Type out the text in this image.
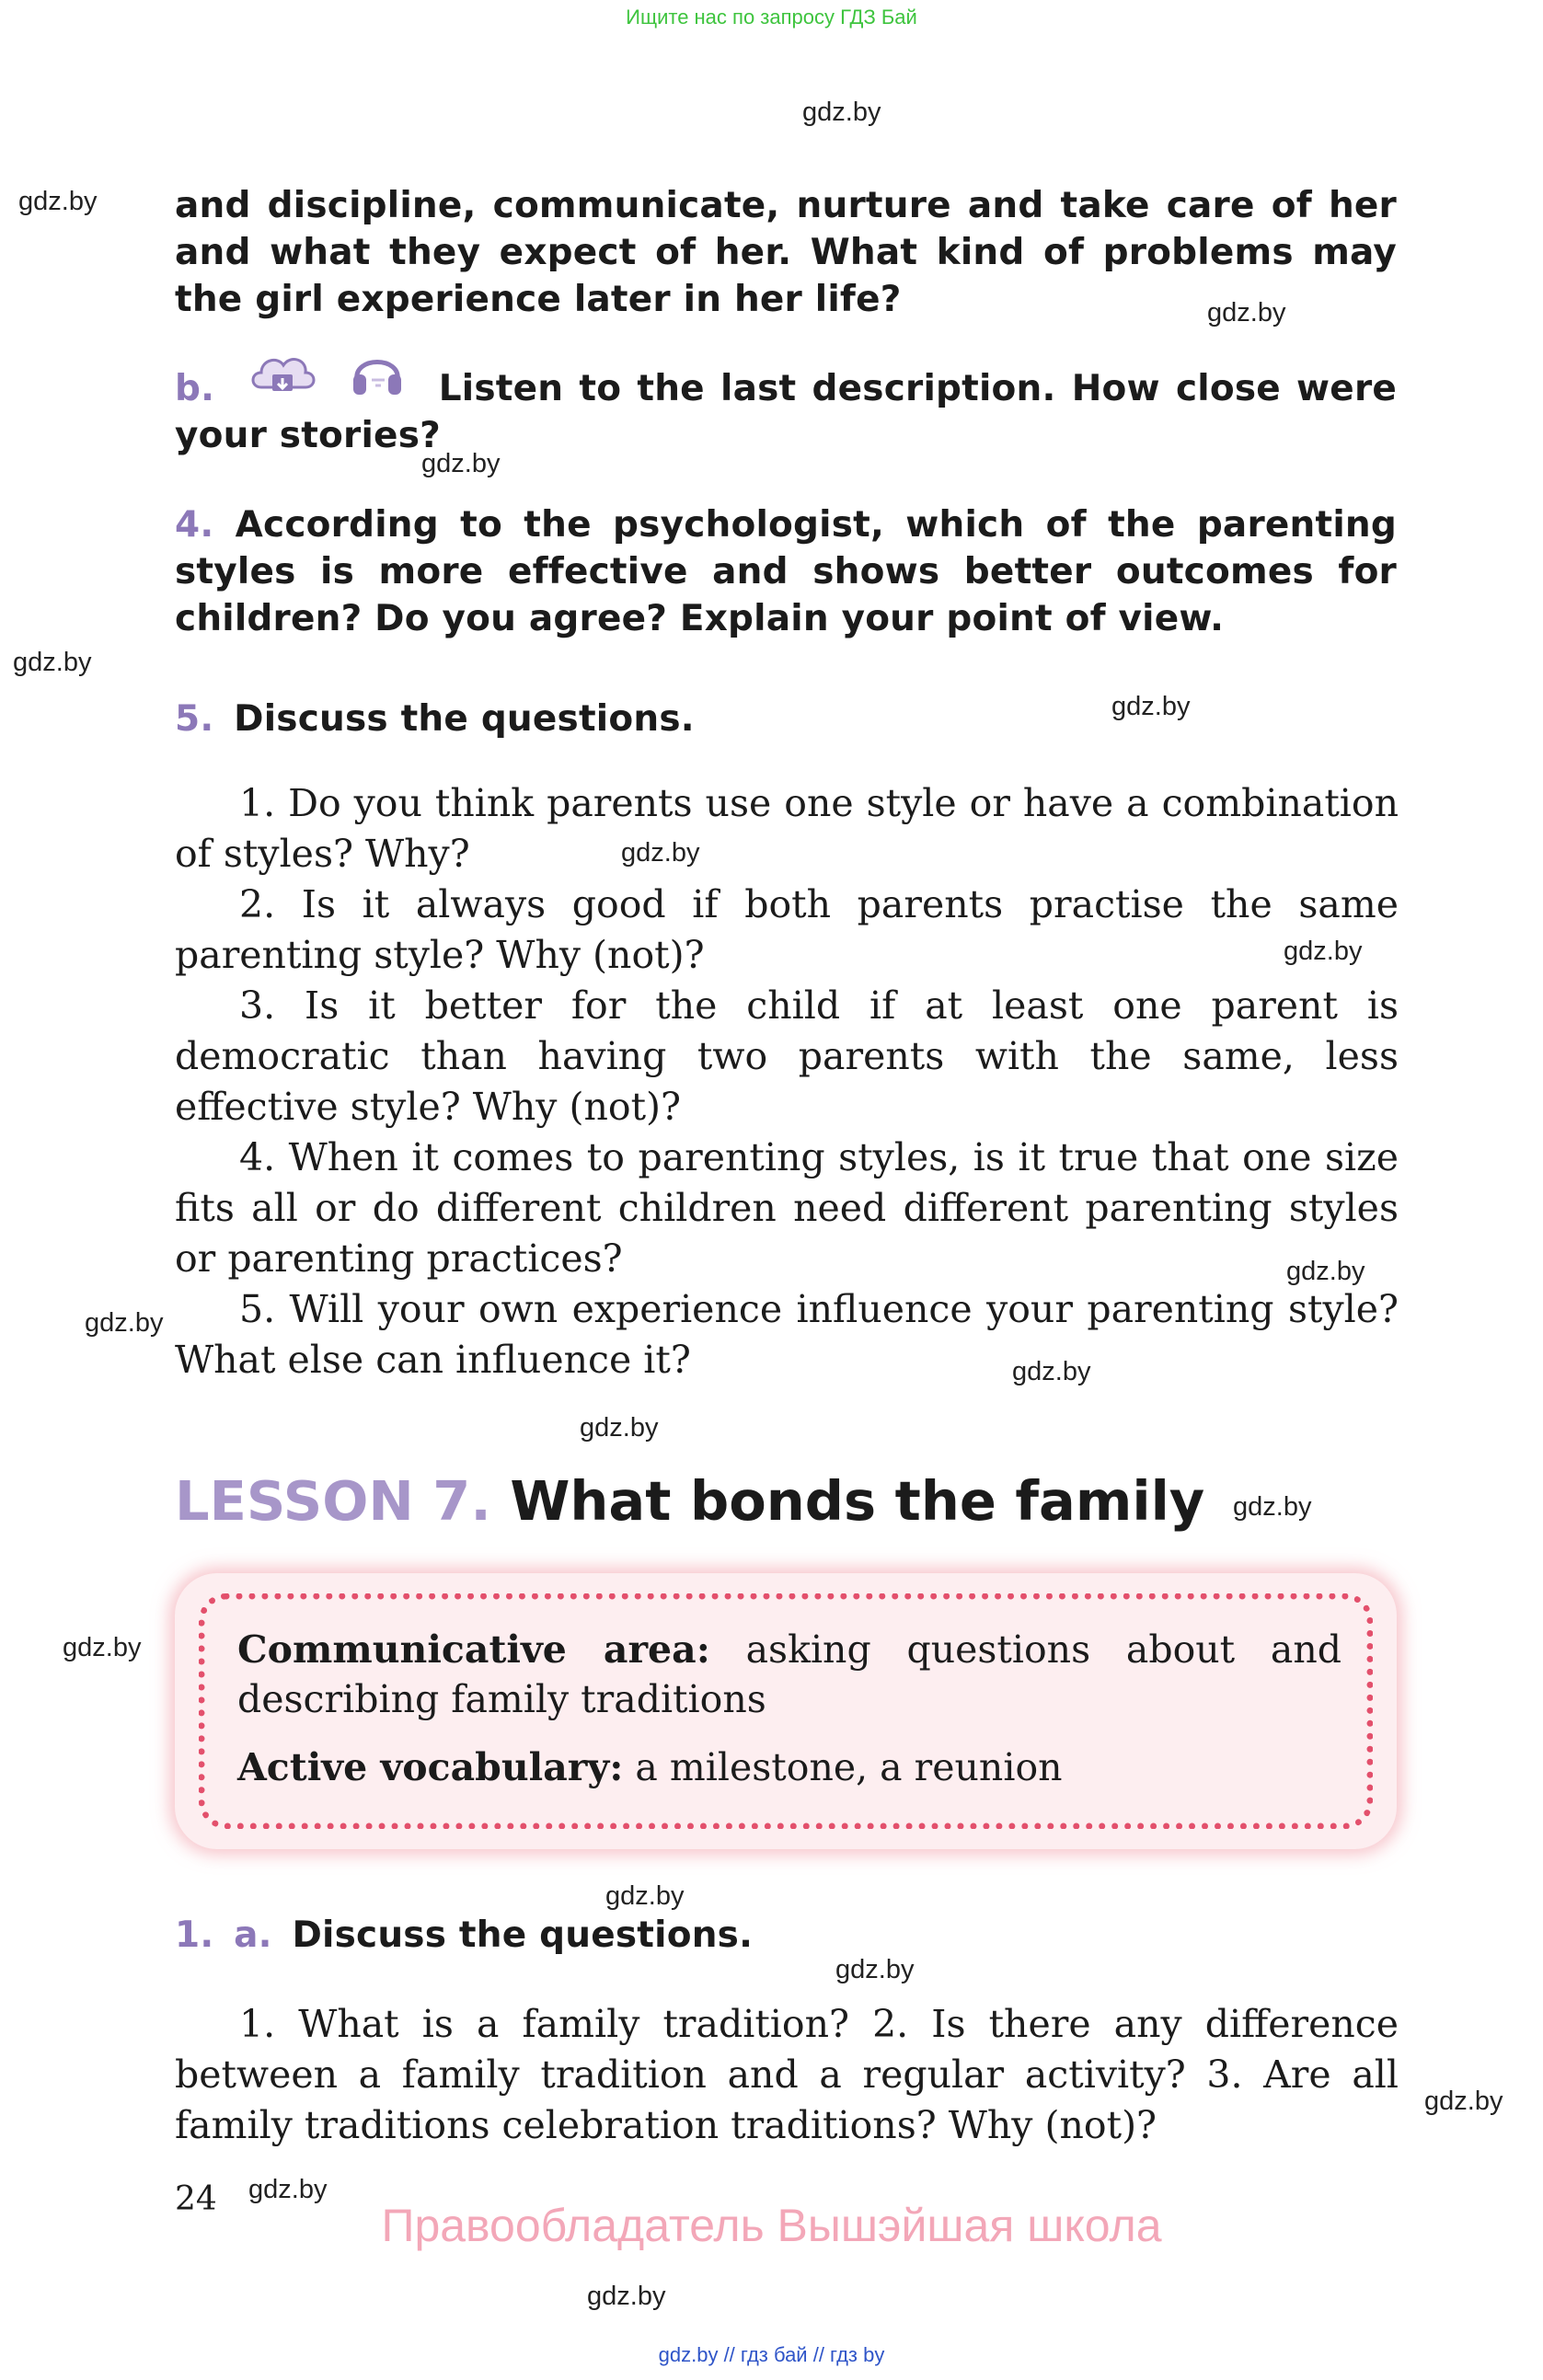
Ищите нас по запросу ГДЗ Бай
gdz.by
gdz.by
gdz.by
gdz.by
gdz.by
gdz.by
gdz.by
gdz.by
gdz.by
gdz.by
gdz.by
gdz.by
gdz.by
gdz.by
gdz.by
gdz.by
gdz.by
gdz.by
gdz.by
and discipline, communicate, nurture and take care of her and what they expect of her. What kind of problems may the girl experience later in her life?
b.
	Listen to the last description. How close were your stories?
4. According to the psychologist, which of the parenting styles is more effective and shows better outcomes for children? Do you agree? Explain your point of view.
5. Discuss the questions.
1. Do you think parents use one style or have a combination of styles? Why?
2. Is it always good if both parents practise the same parenting style? Why (not)?
3. Is it better for the child if at least one parent is democratic than having two parents with the same, less effective style? Why (not)?
4. When it comes to parenting styles, is it true that one size fits all or do different children need different parenting styles or parenting practices?
5. Will your own experience influence your parenting style? What else can influence it?
LESSON 7. What bonds the family
Communicative area: asking questions about and describing family traditions
Active vocabulary: a milestone, a reunion
1. a. Discuss the questions.
1. What is a family tradition? 2. Is there any difference between a family tradition and a regular activity? 3. Are all family traditions celebration traditions? Why (not)?
24
Правообладатель Вышэйшая школа
gdz.by // гдз бай // гдз by
